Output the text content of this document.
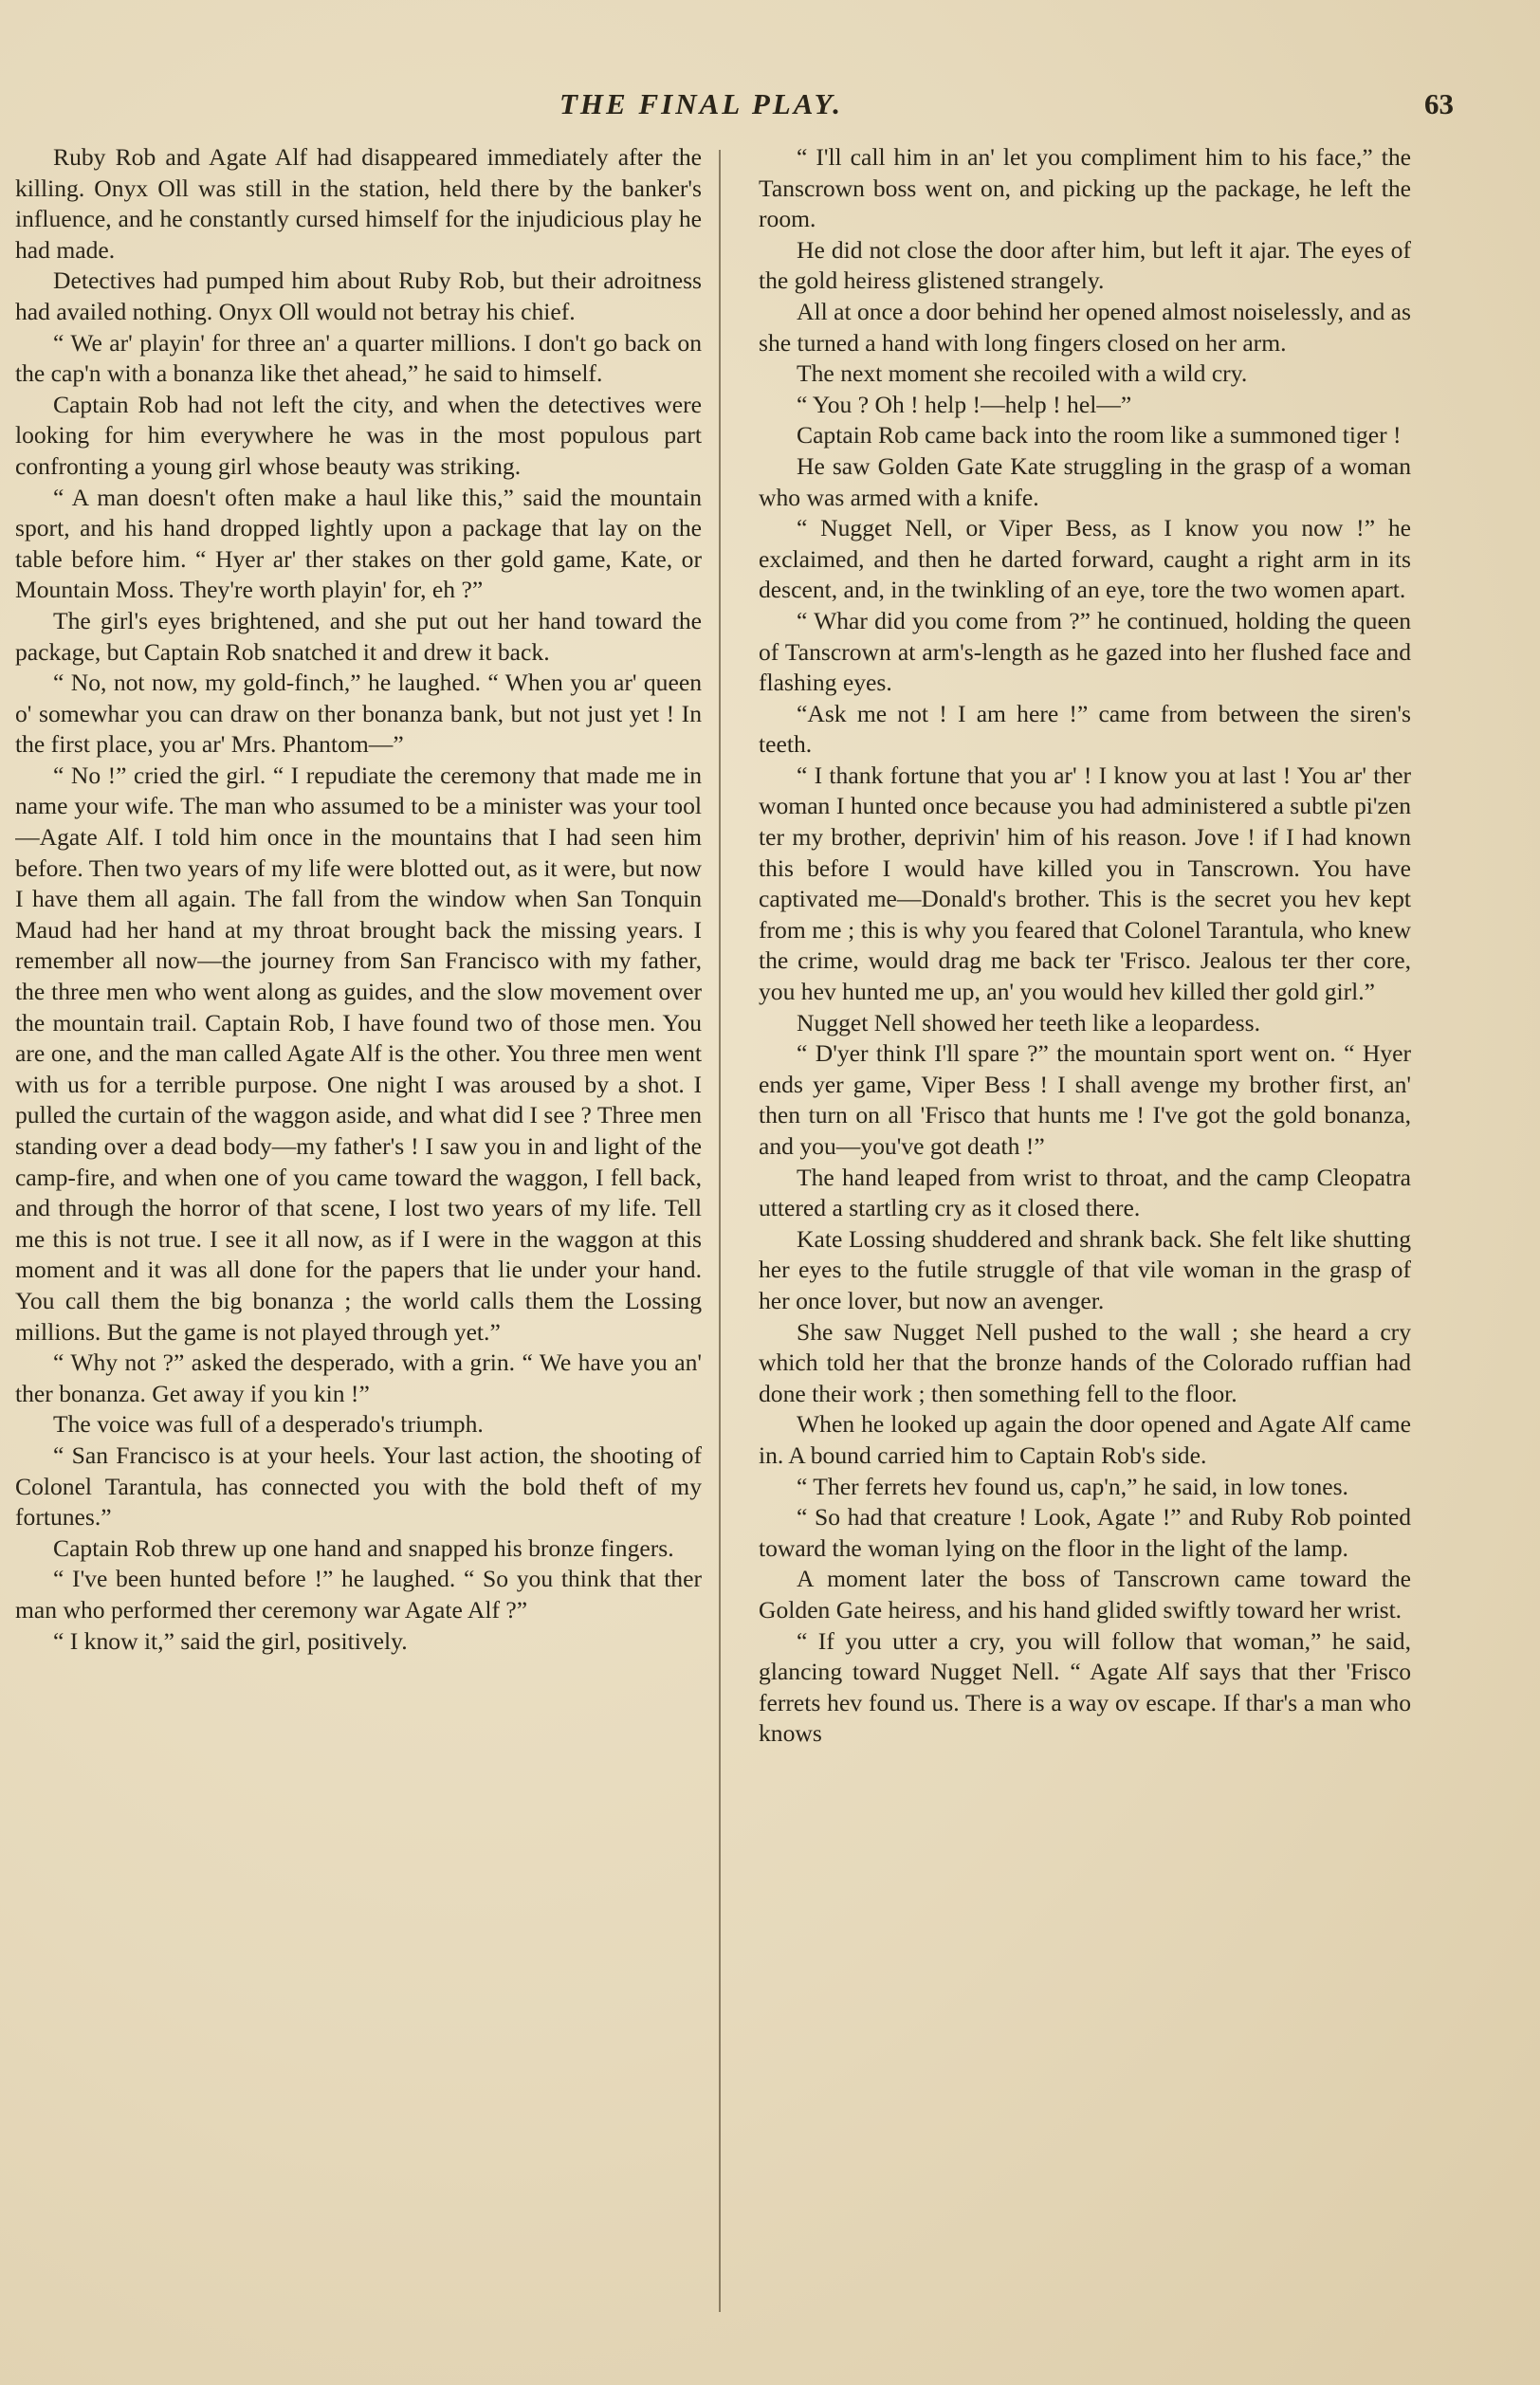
THE FINAL PLAY.	63

Ruby Rob and Agate Alf had disappeared immediately after the killing. Onyx Oll was still in the station, held there by the banker's influence, and he constantly cursed himself for the injudicious play he had made.

Detectives had pumped him about Ruby Rob, but their adroitness had availed nothing. Onyx Oll would not betray his chief.

“ We ar' playin' for three an' a quarter millions. I don't go back on the cap'n with a bonanza like thet ahead,” he said to himself.

Captain Rob had not left the city, and when the detectives were looking for him everywhere he was in the most populous part confronting a young girl whose beauty was striking.

“ A man doesn't often make a haul like this,” said the mountain sport, and his hand dropped lightly upon a package that lay on the table before him. “ Hyer ar' ther stakes on ther gold game, Kate, or Mountain Moss. They're worth playin' for, eh ?”

The girl's eyes brightened, and she put out her hand toward the package, but Captain Rob snatched it and drew it back.

“ No, not now, my gold-finch,” he laughed. “ When you ar' queen o' somewhar you can draw on ther bonanza bank, but not just yet ! In the first place, you ar' Mrs. Phantom—”

“ No !” cried the girl. “ I repudiate the ceremony that made me in name your wife. The man who assumed to be a minister was your tool—Agate Alf. I told him once in the mountains that I had seen him before. Then two years of my life were blotted out, as it were, but now I have them all again. The fall from the window when San Tonquin Maud had her hand at my throat brought back the missing years. I remember all now—the journey from San Francisco with my father, the three men who went along as guides, and the slow movement over the mountain trail. Captain Rob, I have found two of those men. You are one, and the man called Agate Alf is the other. You three men went with us for a terrible purpose. One night I was aroused by a shot. I pulled the curtain of the waggon aside, and what did I see ? Three men standing over a dead body—my father's ! I saw you in and light of the camp-fire, and when one of you came toward the waggon, I fell back, and through the horror of that scene, I lost two years of my life. Tell me this is not true. I see it all now, as if I were in the waggon at this moment and it was all done for the papers that lie under your hand. You call them the big bonanza ; the world calls them the Lossing millions. But the game is not played through yet.”

“ Why not ?” asked the desperado, with a grin. “ We have you an' ther bonanza. Get away if you kin !”

The voice was full of a desperado's triumph.

“ San Francisco is at your heels. Your last action, the shooting of Colonel Tarantula, has connected you with the bold theft of my fortunes.”

Captain Rob threw up one hand and snapped his bronze fingers.

“ I've been hunted before !” he laughed. “ So you think that ther man who performed ther ceremony war Agate Alf ?”

“ I know it,” said the girl, positively.

“ I'll call him in an' let you compliment him to his face,” the Tanscrown boss went on, and picking up the package, he left the room.

He did not close the door after him, but left it ajar. The eyes of the gold heiress glistened strangely.

All at once a door behind her opened almost noiselessly, and as she turned a hand with long fingers closed on her arm.

The next moment she recoiled with a wild cry.

“ You ? Oh ! help !—help ! hel—”

Captain Rob came back into the room like a summoned tiger !

He saw Golden Gate Kate struggling in the grasp of a woman who was armed with a knife.

“ Nugget Nell, or Viper Bess, as I know you now !” he exclaimed, and then he darted forward, caught a right arm in its descent, and, in the twinkling of an eye, tore the two women apart.

“ Whar did you come from ?” he continued, holding the queen of Tanscrown at arm's-length as he gazed into her flushed face and flashing eyes.

“Ask me not ! I am here !” came from between the siren's teeth.

“ I thank fortune that you ar' ! I know you at last ! You ar' ther woman I hunted once because you had administered a subtle pi'zen ter my brother, deprivin' him of his reason. Jove ! if I had known this before I would have killed you in Tanscrown. You have captivated me—Donald's brother. This is the secret you hev kept from me ; this is why you feared that Colonel Tarantula, who knew the crime, would drag me back ter 'Frisco. Jealous ter ther core, you hev hunted me up, an' you would hev killed ther gold girl.”

Nugget Nell showed her teeth like a leopardess.

“ D'yer think I'll spare ?” the mountain sport went on. “ Hyer ends yer game, Viper Bess ! I shall avenge my brother first, an' then turn on all 'Frisco that hunts me ! I've got the gold bonanza, and you—you've got death !”

The hand leaped from wrist to throat, and the camp Cleopatra uttered a startling cry as it closed there.

Kate Lossing shuddered and shrank back. She felt like shutting her eyes to the futile struggle of that vile woman in the grasp of her once lover, but now an avenger.

She saw Nugget Nell pushed to the wall ; she heard a cry which told her that the bronze hands of the Colorado ruffian had done their work ; then something fell to the floor.

When he looked up again the door opened and Agate Alf came in. A bound carried him to Captain Rob's side.

“ Ther ferrets hev found us, cap'n,” he said, in low tones.

“ So had that creature ! Look, Agate !” and Ruby Rob pointed toward the woman lying on the floor in the light of the lamp.

A moment later the boss of Tanscrown came toward the Golden Gate heiress, and his hand glided swiftly toward her wrist.

“ If you utter a cry, you will follow that woman,” he said, glancing toward Nugget Nell. “ Agate Alf says that ther 'Frisco ferrets hev found us. There is a way ov escape. If thar's a man who knows
